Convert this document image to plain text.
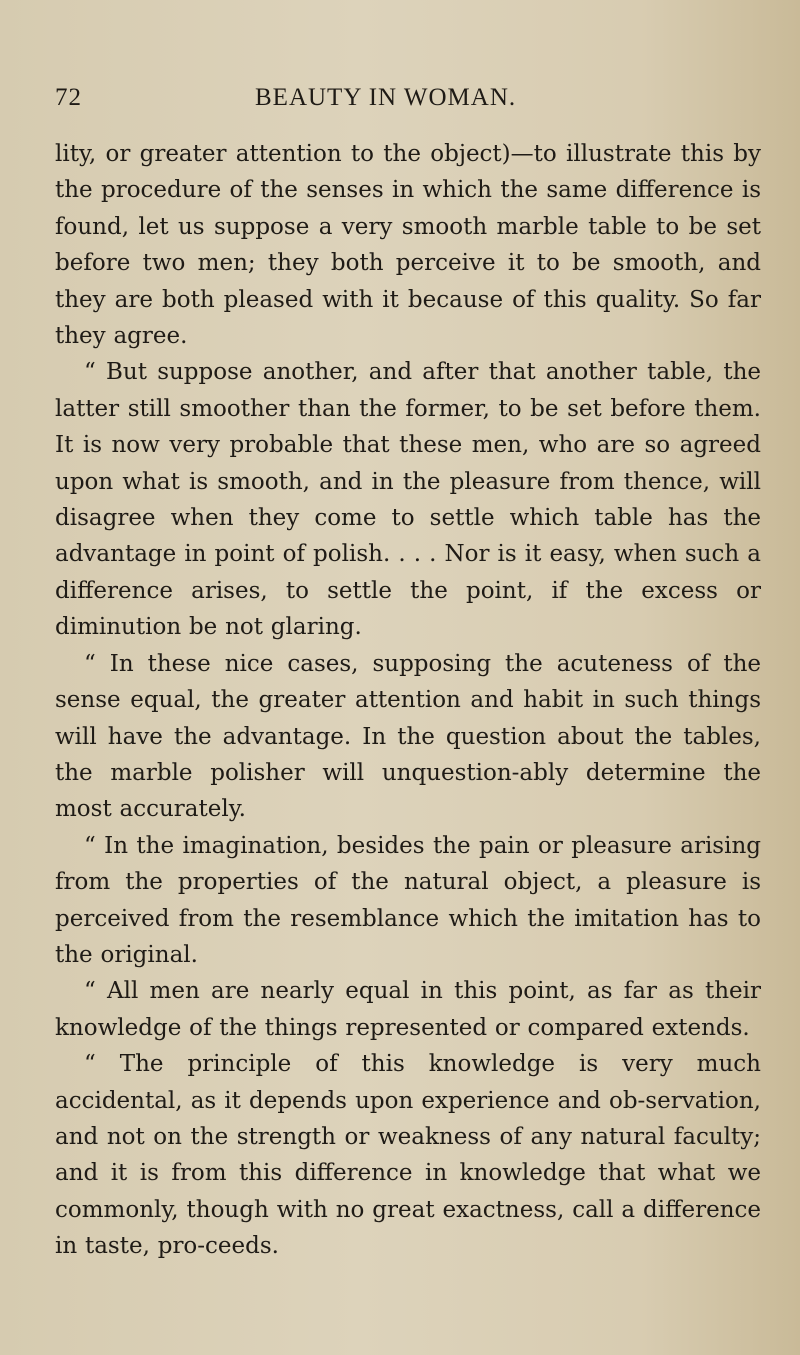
72	BEAUTY IN WOMAN.

lity, or greater attention to the object)—to illustrate this by the procedure of the senses in which the same difference is found, let us suppose a very smooth marble table to be set before two men; they both perceive it to be smooth, and they are both pleased with it because of this quality. So far they agree.

“ But suppose another, and after that another table, the latter still smoother than the former, to be set before them. It is now very probable that these men, who are so agreed upon what is smooth, and in the pleasure from thence, will disagree when they come to settle which table has the advantage in point of polish. . . . Nor is it easy, when such a difference arises, to settle the point, if the excess or diminution be not glaring.

“ In these nice cases, supposing the acuteness of the sense equal, the greater attention and habit in such things will have the advantage. In the question about the tables, the marble polisher will unquestion-ably determine the most accurately.

“ In the imagination, besides the pain or pleasure arising from the properties of the natural object, a pleasure is perceived from the resemblance which the imitation has to the original.

“ All men are nearly equal in this point, as far as their knowledge of the things represented or compared extends.

“ The principle of this knowledge is very much accidental, as it depends upon experience and ob-servation, and not on the strength or weakness of any natural faculty; and it is from this difference in knowledge that what we commonly, though with no great exactness, call a difference in taste, pro-ceeds.
